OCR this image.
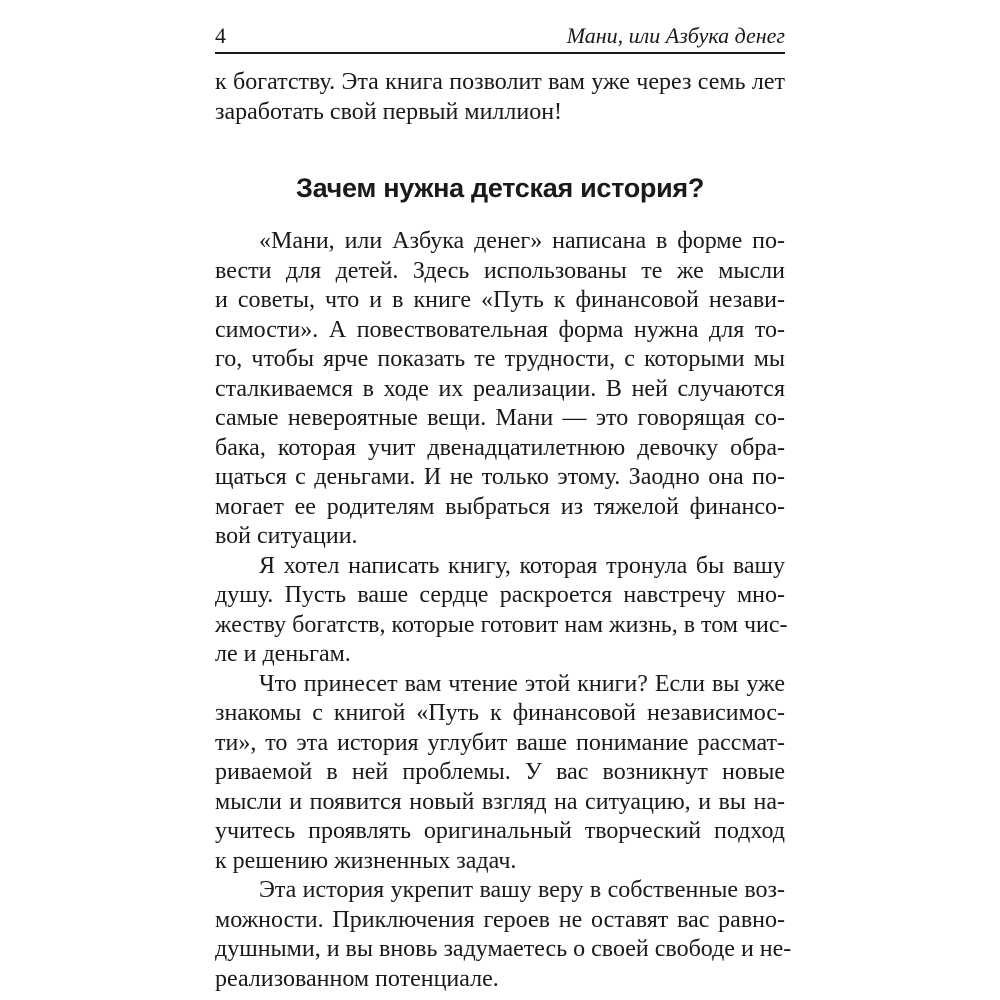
4	Мани, или Азбука денег
к богатству. Эта книга позволит вам уже через семь лет
заработать свой первый миллион!
Зачем нужна детская история?
«Мани, или Азбука денег» написана в форме по-
вести для детей. Здесь использованы те же мысли
и советы, что и в книге «Путь к финансовой незави-
симости». А повествовательная форма нужна для то-
го, чтобы ярче показать те трудности, с которыми мы
сталкиваемся в ходе их реализации. В ней случаются
самые невероятные вещи. Мани — это говорящая со-
бака, которая учит двенадцатилетнюю девочку обра-
щаться с деньгами. И не только этому. Заодно она по-
могает ее родителям выбраться из тяжелой финансо-
вой ситуации.
Я хотел написать книгу, которая тронула бы вашу
душу. Пусть ваше сердце раскроется навстречу мно-
жеству богатств, которые готовит нам жизнь, в том чис-
ле и деньгам.
Что принесет вам чтение этой книги? Если вы уже
знакомы с книгой «Путь к финансовой независимос-
ти», то эта история углубит ваше понимание рассмат-
риваемой в ней проблемы. У вас возникнут новые
мысли и появится новый взгляд на ситуацию, и вы на-
учитесь проявлять оригинальный творческий подход
к решению жизненных задач.
Эта история укрепит вашу веру в собственные воз-
можности. Приключения героев не оставят вас равно-
душными, и вы вновь задумаетесь о своей свободе и не-
реализованном потенциале.
